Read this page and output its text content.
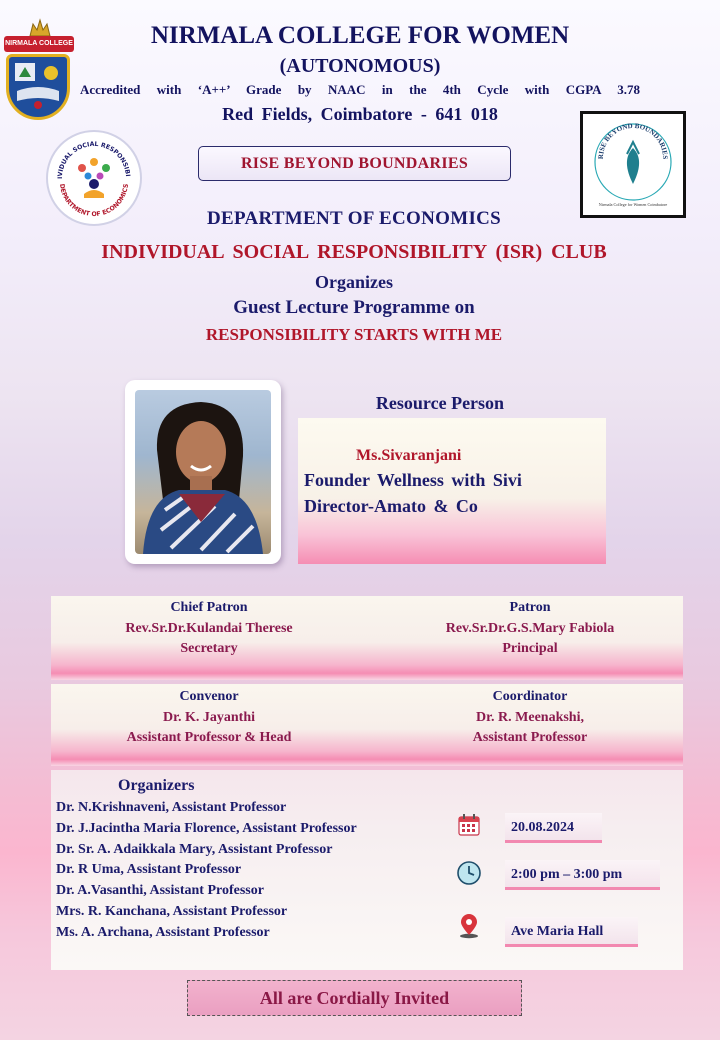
NIRMALA COLLEGE	NIRMALA COLLEGE FOR WOMEN
(AUTONOMOUS)
Accredited with ‘A++’ Grade by NAAC in the 4th Cycle with CGPA 3.78
Red Fields, Coimbatore - 641 018
IVIDUAL SOCIAL RESPONSIBI
DEPARTMENT OF ECONOMICS
RISE BEYOND BOUNDARIES	RISE BEYOND BOUNDARIES
Nirmala College for Women Coimbatore
DEPARTMENT OF ECONOMICS
INDIVIDUAL SOCIAL RESPONSIBILITY (ISR) CLUB
Organizes
Guest Lecture Programme on
RESPONSIBILITY STARTS WITH ME
Resource Person
Ms.Sivaranjani
Founder Wellness with Sivi
Director-Amato & Co
Chief Patron
Rev.Sr.Dr.Kulandai Therese
Secretary
Patron
Rev.Sr.Dr.G.S.Mary Fabiola
Principal
Convenor
Dr. K. Jayanthi
Assistant Professor & Head
Coordinator
Dr. R. Meenakshi,
Assistant Professor
Organizers
Dr. N.Krishnaveni, Assistant Professor
Dr. J.Jacintha Maria Florence, Assistant Professor
Dr. Sr. A. Adaikkala Mary, Assistant Professor
Dr. R Uma, Assistant Professor
Dr. A.Vasanthi, Assistant Professor
Mrs. R. Kanchana, Assistant Professor
Ms. A. Archana, Assistant Professor
20.08.2024
2:00 pm – 3:00 pm
Ave Maria Hall
All are Cordially Invited
